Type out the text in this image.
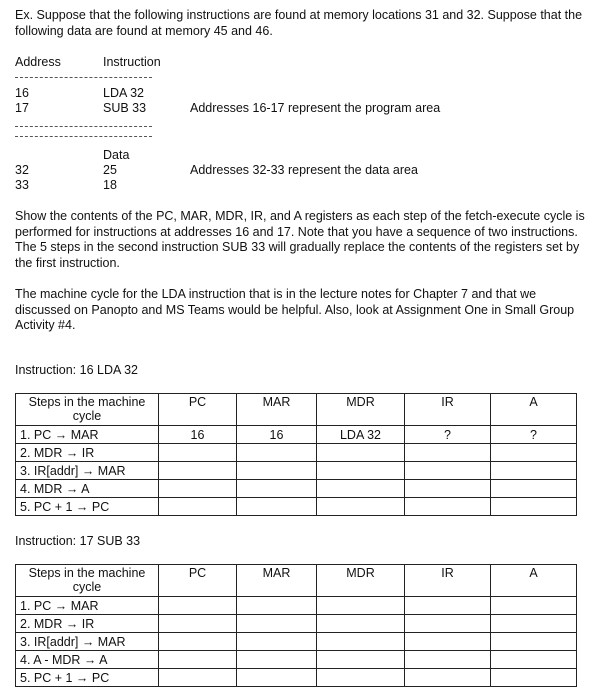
Ex. Suppose that the following instructions are found at memory locations 31 and 32. Suppose that the following data are found at memory 45 and 46.
Address	Instruction
16	LDA 32
17	SUB 33	Addresses 16-17 represent the program area
Data
32	25	Addresses 32-33 represent the data area
33	18
Show the contents of the PC, MAR, MDR, IR, and A registers as each step of the fetch-execute cycle is performed for instructions at addresses 16 and 17. Note that you have a sequence of two instructions. The 5 steps in the second instruction SUB 33 will gradually replace the contents of the registers set by the first instruction.
The machine cycle for the LDA instruction that is in the lecture notes for Chapter 7 and that we discussed on Panopto and MS Teams would be helpful. Also, look at Assignment One in Small Group Activity #4.
Instruction: 16 LDA 32
Steps in the machine cycle	PC	MAR	MDR	IR	A
1. PC → MAR	16	16	LDA 32	?	?
2. MDR → IR					
3. IR[addr] → MAR					
4. MDR → A					
5. PC + 1 → PC					
Instruction: 17 SUB 33
Steps in the machine cycle	PC	MAR	MDR	IR	A
1. PC → MAR					
2. MDR → IR					
3. IR[addr] → MAR					
4. A - MDR → A					
5. PC + 1 → PC					
